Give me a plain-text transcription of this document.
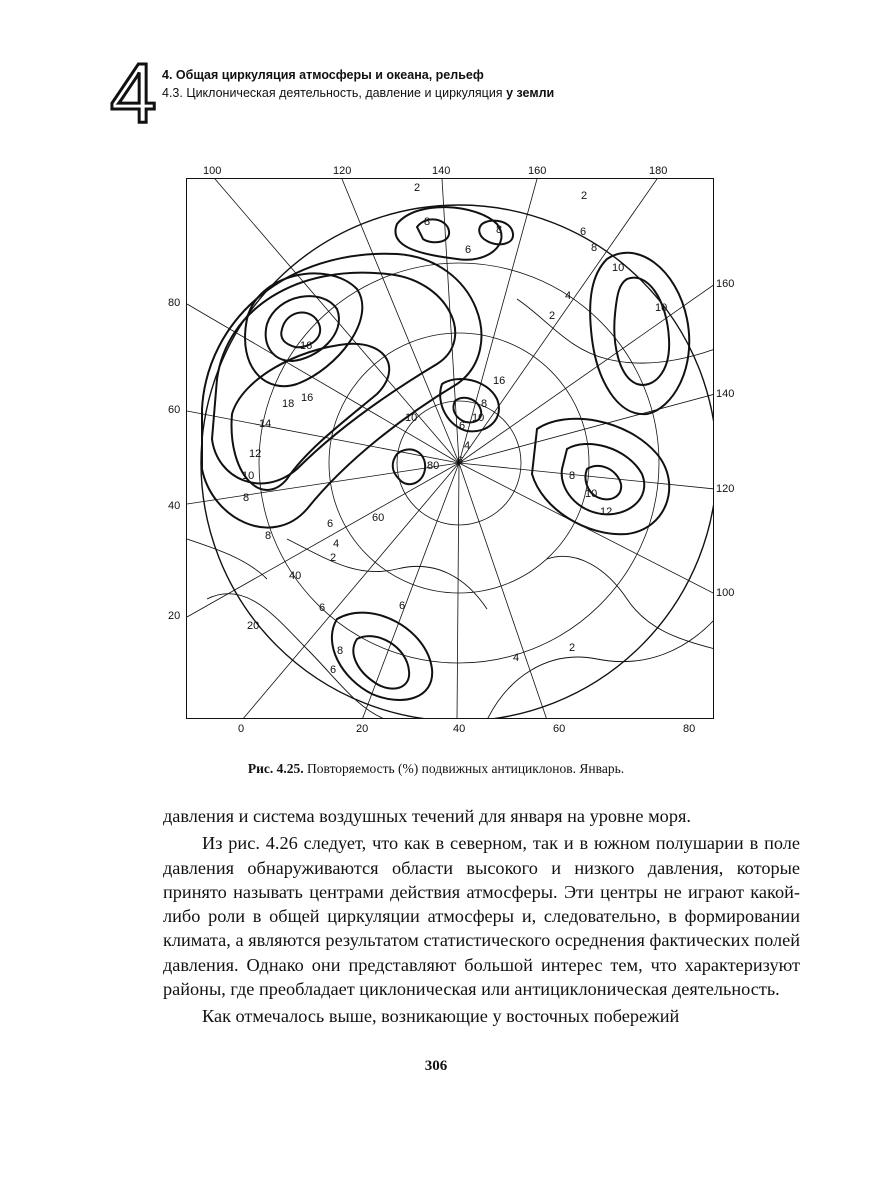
4 4. Общая циркуляция атмосферы и океана, рельеф
4.3. Циклоническая деятельность, давление и циркуляция у земли
2
2
8
8
6
6
8
10
4
2
10
16
16
16
18
14
12
10
8
10
8
6
4
6
8
10
12
8
6
4
2
10
80
60
6	6
8
6
4
2
20
40
100	120	140	160	180
0	20	40	60	80
80
60
40
20
160
140
120
100
Рис. 4.25. Повторяемость (%) подвижных антициклонов. Январь.

давления и система воздушных течений для января на уровне моря.

Из рис. 4.26 следует, что как в северном, так и в южном полушарии в поле давления обнаруживаются области высокого и низкого давления, которые принято называть центрами действия атмосферы. Эти центры не играют какой-либо роли в общей циркуляции атмосферы и, следовательно, в формировании климата, а являются результатом статистического осреднения фактических полей давления. Однако они представляют большой интерес тем, что характеризуют районы, где преобладает циклоническая или антициклоническая деятельность.

Как отмечалось выше, возникающие у восточных побережий

306
